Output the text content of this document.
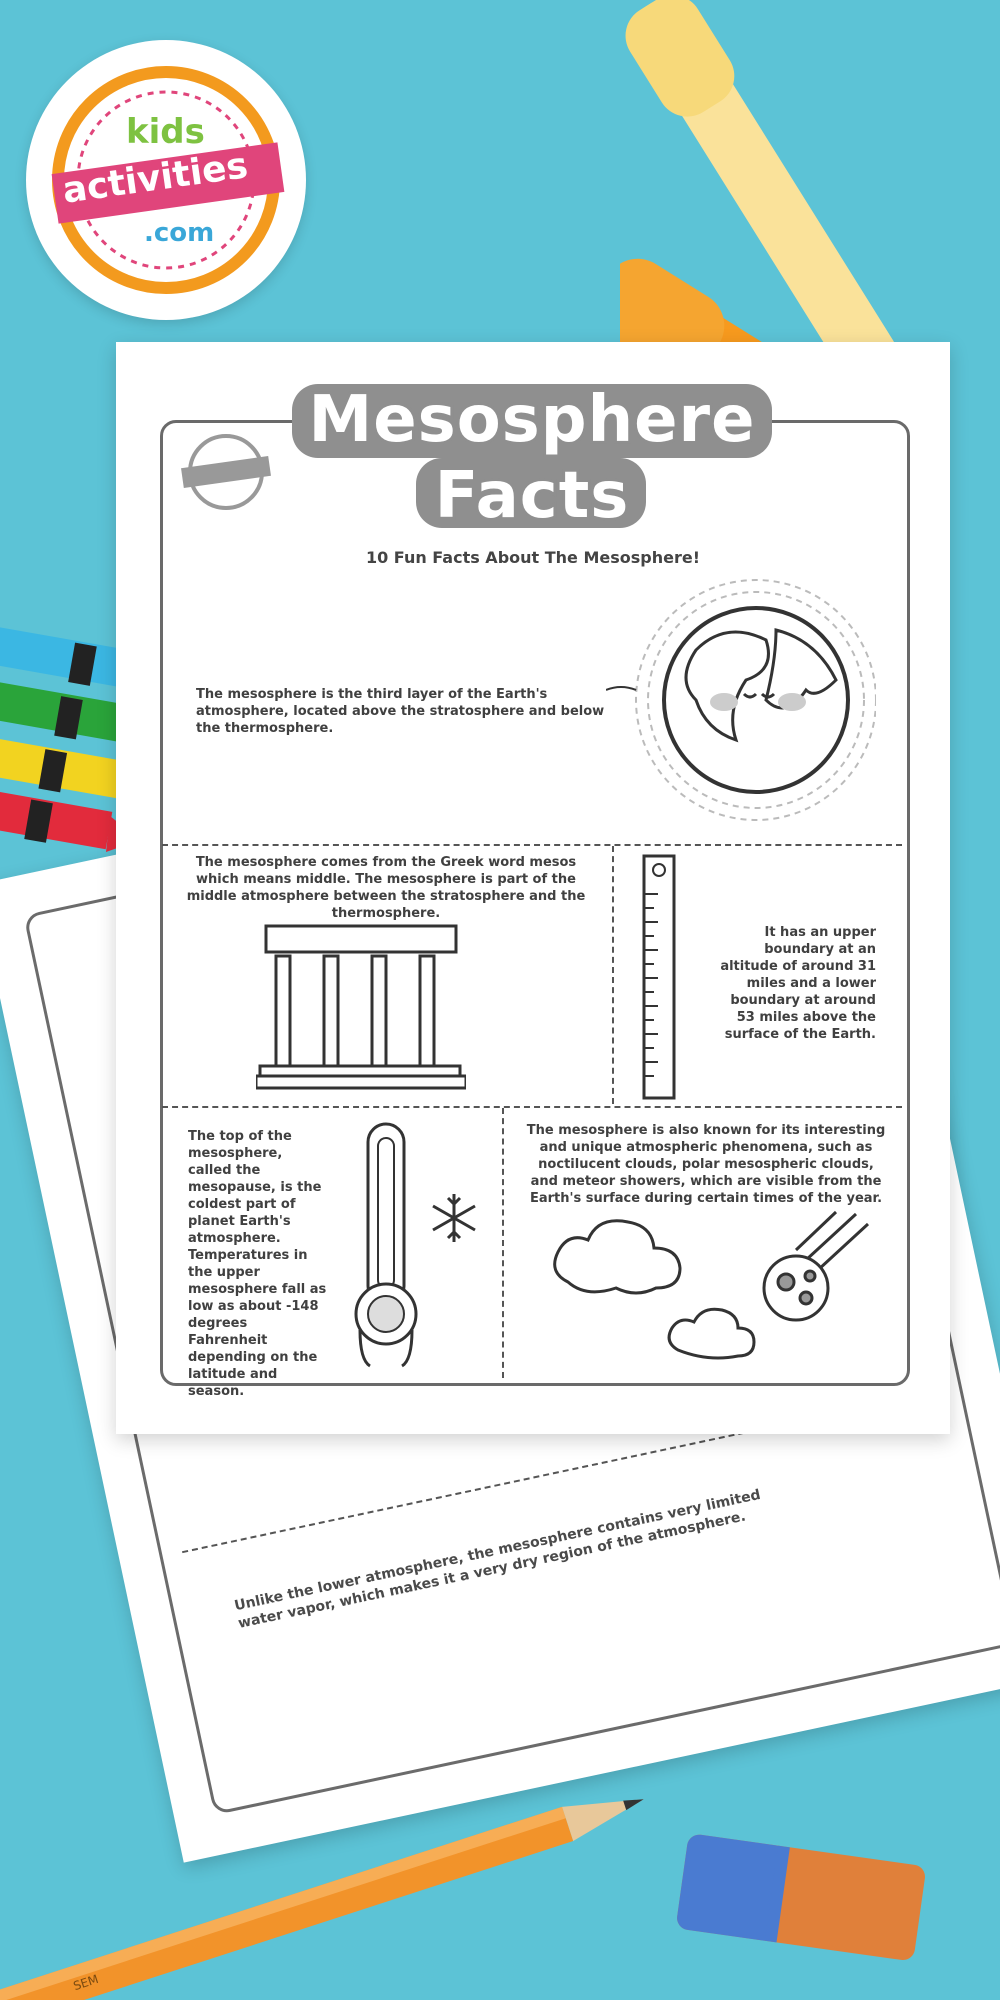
Unlike the lower atmosphere, the mesosphere contains very limited water vapor, which makes it a very dry region of the atmosphere.
kids
activities
.com
Mesosphere
Facts
10 Fun Facts About The Mesosphere!
The mesosphere is the third layer of the Earth's atmosphere, located above the stratosphere and below the thermosphere.
The mesosphere comes from the Greek word mesos which means middle. The mesosphere is part of the middle atmosphere between the stratosphere and the thermosphere.
It has an upper boundary at an altitude of around 31 miles and a lower boundary at around 53 miles above the surface of the Earth.
The top of the mesosphere, called the mesopause, is the coldest part of planet Earth's atmosphere. Temperatures in the upper mesosphere fall as low as about -148 degrees Fahrenheit depending on the latitude and season.
The mesosphere is also known for its interesting and unique atmospheric phenomena, such as noctilucent clouds, polar mesospheric clouds, and meteor showers, which are visible from the Earth's surface during certain times of the year.
SEM
